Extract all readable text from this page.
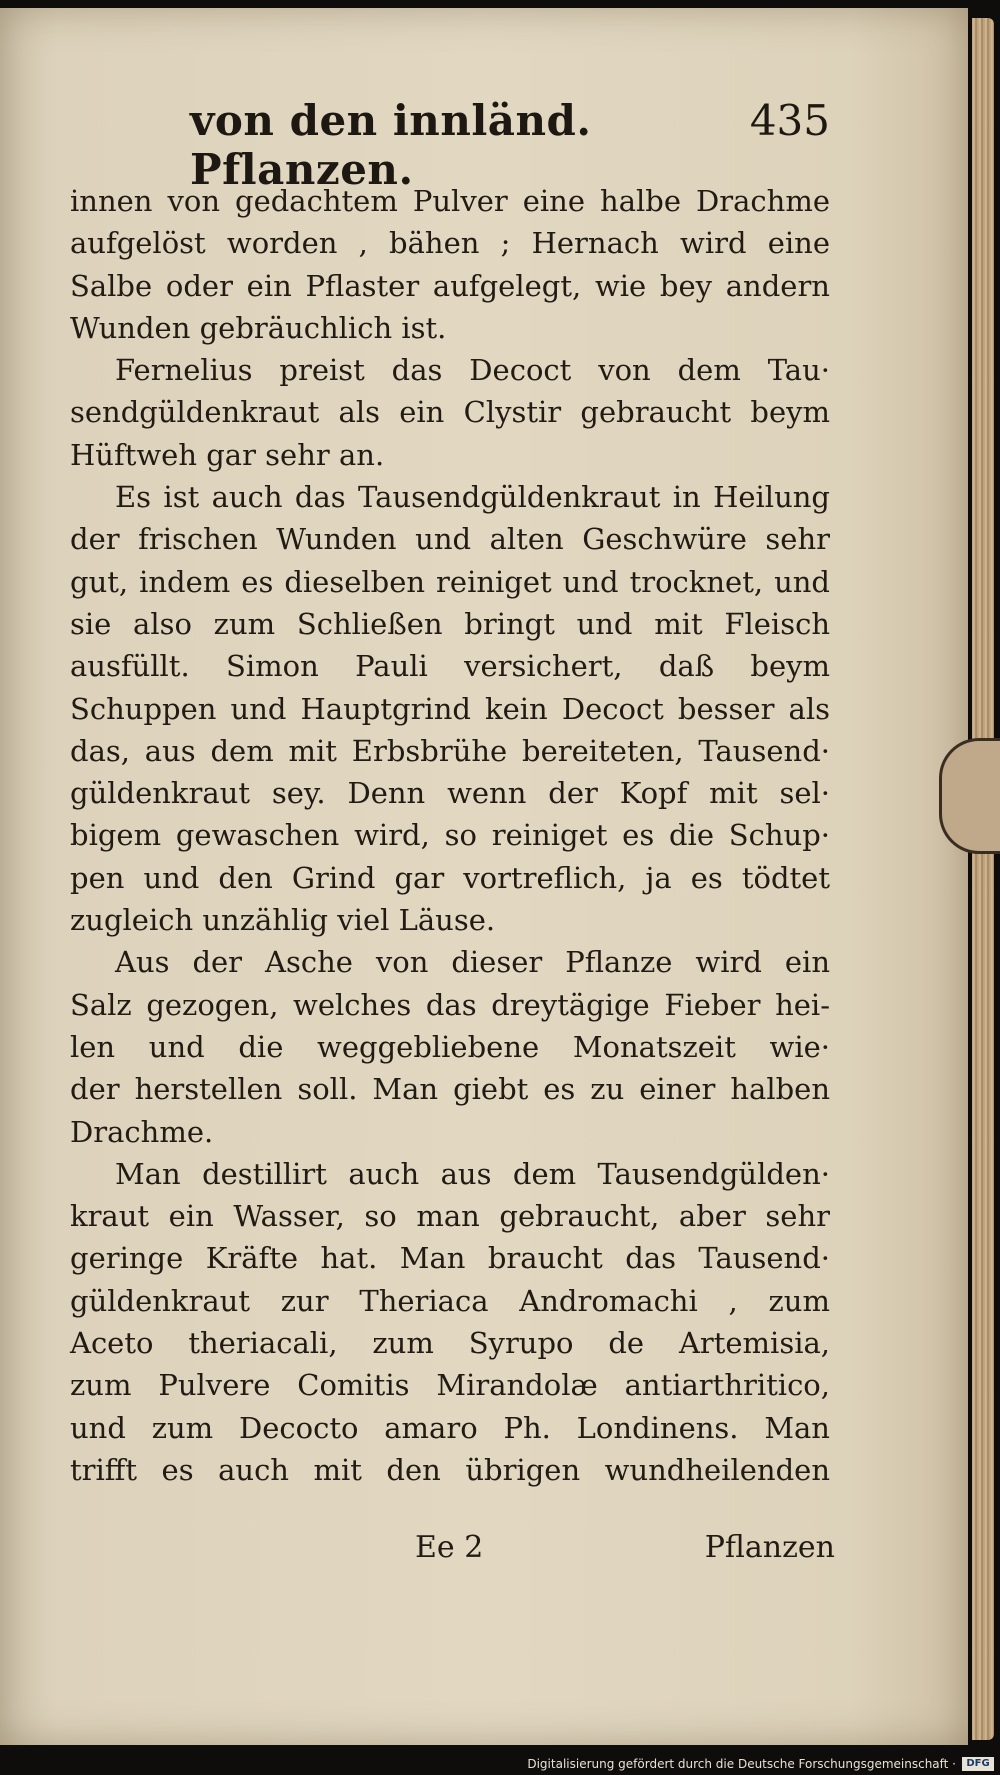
von den innländ. Pflanzen.
435
innen von gedachtem Pulver eine halbe Drachme
aufgelöst worden , bähen ; Hernach wird eine
Salbe oder ein Pflaster aufgelegt, wie bey andern
Wunden gebräuchlich ist.
Fernelius preist das Decoct von dem Tau·
sendgüldenkraut als ein Clystir gebraucht beym
Hüftweh gar sehr an.
Es ist auch das Tausendgüldenkraut in Heilung
der frischen Wunden und alten Geschwüre sehr
gut, indem es dieselben reiniget und trocknet, und
sie also zum Schließen bringt und mit Fleisch
ausfüllt. Simon Pauli versichert, daß beym
Schuppen und Hauptgrind kein Decoct besser als
das, aus dem mit Erbsbrühe bereiteten, Tausend·
güldenkraut sey. Denn wenn der Kopf mit sel·
bigem gewaschen wird, so reiniget es die Schup·
pen und den Grind gar vortreflich, ja es tödtet
zugleich unzählig viel Läuse.
Aus der Asche von dieser Pflanze wird ein
Salz gezogen, welches das dreytägige Fieber hei-
len und die weggebliebene Monatszeit wie·
der herstellen soll. Man giebt es zu einer halben
Drachme.
Man destillirt auch aus dem Tausendgülden·
kraut ein Wasser, so man gebraucht, aber sehr
geringe Kräfte hat. Man braucht das Tausend·
güldenkraut zur Theriaca Andromachi , zum
Aceto theriacali, zum Syrupo de Artemisia,
zum Pulvere Comitis Mirandolæ antiarthritico,
und zum Decocto amaro Ph. Londinens. Man
trifft es auch mit den übrigen wundheilenden
Ee 2	Pflanzen
Digitalisierung gefördert durch die Deutsche Forschungsgemeinschaft ·	DFG
